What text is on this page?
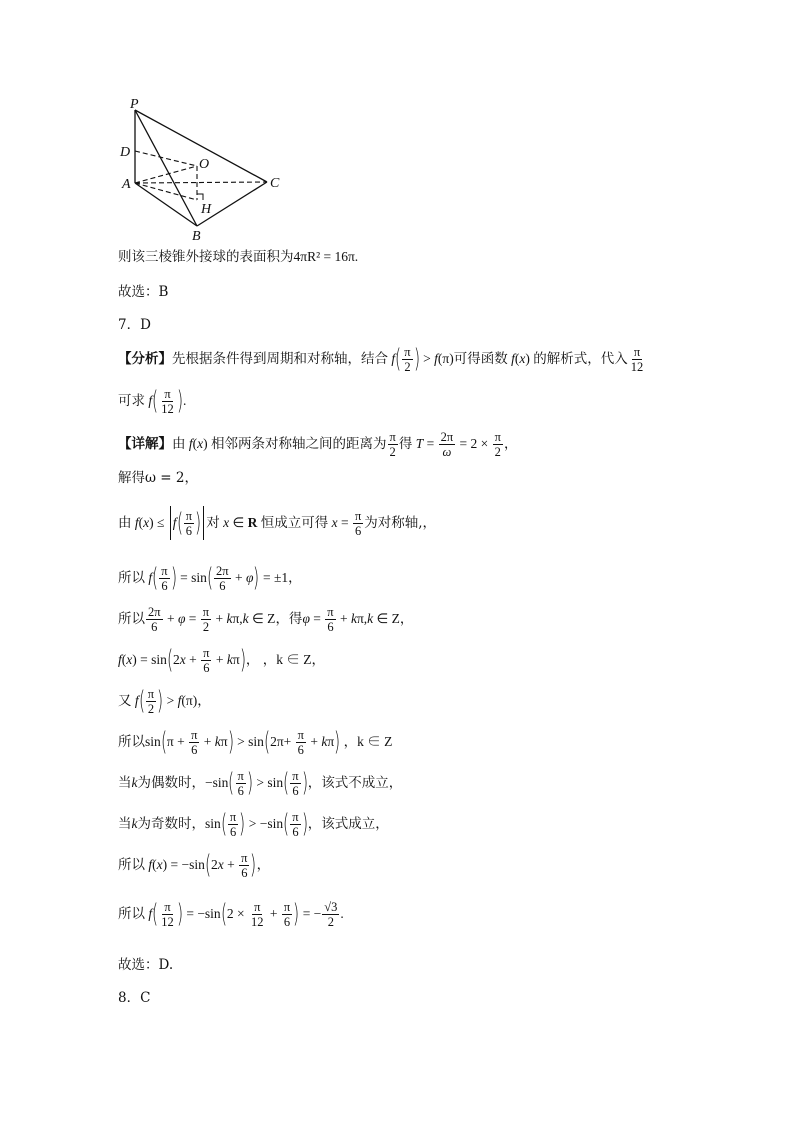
P
D
O
A	C
H
B
则该三棱锥外接球的表面积为4πR² = 16π.
故选：B
7．D
【分析】 先根据条件得到周期和对称轴，结合 f ( $\frac{\pi}{2}$ ) > f (π) 可得函数 f ( x ) 的解析式，代入 $\frac{\pi}{12}$
可求 f ( $\frac{\pi}{12}$ ) .
【详解】 由 f ( x ) 相邻两条对称轴之间的距离为 $\frac{\pi}{2}$ 得 $T = \frac{2\pi}{\omega} = 2 \times \frac{\pi}{2}$ ，
解得ω = 2，
由 f ( x ) ≤ f ( $\frac{\pi}{6}$ ) 对 x ∈ R 恒成立可得 $x = \frac{\pi}{6}$ 为对称轴,，
所以 f ( $\frac{\pi}{6}$ ) = sin ( $\frac{2\pi}{6} + \varphi$ ) = ±1，
所以 $\frac{2\pi}{6} + \varphi = \frac{\pi}{2} + k$ π, k ∈ Z ，得 $\varphi = \frac{\pi}{6} + k$ π, k ∈ Z，
f ( x ) = sin ( 2 $x + \frac{\pi}{6} + k$ π ) ， ，k ∈ Z，
又 f ( $\frac{\pi}{2}$ ) > f (π)，
所以 sin ( $\pi + \frac{\pi}{6} + k$ π ) > sin ( $2\pi+ \frac{\pi}{6} + k$ π )
，k ∈ Z
当 k 为偶数时， −sin ( $\frac{\pi}{6}$ ) > sin ( $\frac{\pi}{6}$ ) ，该式不成立，
当 k 为奇数时， sin ( $\frac{\pi}{6}$ ) > −sin ( $\frac{\pi}{6}$ ) ，该式成立，
所以 f ( x ) = −sin ( 2 $x + \frac{\pi}{6}$ ) ，
所以 f ( $\frac{\pi}{12}$ ) = −sin ( $2 \times \frac{\pi}{12} + \frac{\pi}{6}$ ) = − $\frac{√3}{2}$ .
故选：D.
8．C
